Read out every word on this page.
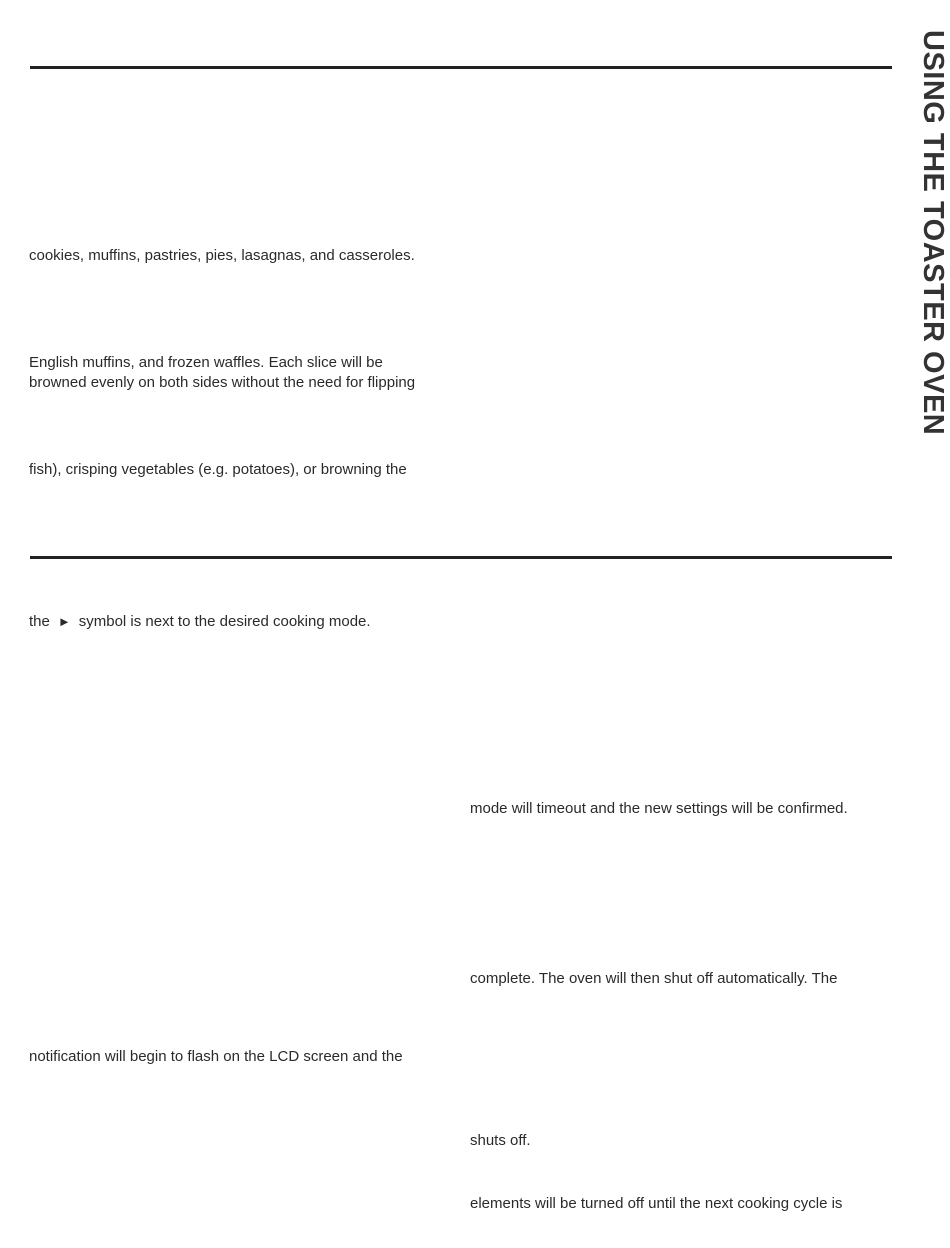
USING THE TOASTER OVEN
cookies, muffins, pastries, pies, lasagnas, and casseroles.
English muffins, and frozen waffles. Each slice will be
browned evenly on both sides without the need for flipping
fish), crisping vegetables (e.g. potatoes), or browning the
the ► symbol is next to the desired cooking mode.
notification will begin to flash on the LCD screen and the
mode will timeout and the new settings will be confirmed.
complete. The oven will then shut off automatically. The
shuts off.
elements will be turned off until the next cooking cycle is
